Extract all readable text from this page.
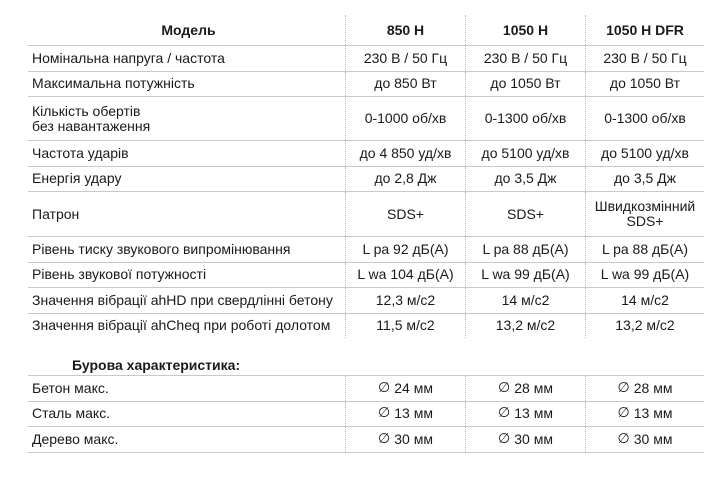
Модель	850 H	1050 H	1050 H DFR
Номінальна напруга / частота	230 В / 50 Гц	230 В / 50 Гц	230 В / 50 Гц
Максимальна потужність	до 850 Вт	до 1050 Вт	до 1050 Вт
Кількість обертів
без навантаження	0-1000 об/хв	0-1300 об/хв	0-1300 об/хв
Частота ударів	до 4 850 уд/хв	до 5100 уд/хв	до 5100 уд/хв
Енергія удару	до 2,8 Дж	до 3,5 Дж	до 3,5 Дж
Патрон	SDS+	SDS+	Швидкозмінний
SDS+
Рівень тиску звукового випромінювання	L pa 92 дБ(А)	L pa 88 дБ(А)	L pa 88 дБ(А)
Рівень звукової потужності	L wa 104 дБ(А)	L wa 99 дБ(А)	L wa 99 дБ(А)
Значення вібрації ahHD при свердлінні бетону	12,3 м/с2	14 м/с2	14 м/с2
Значення вібрації ahCheq при роботі долотом	11,5 м/с2	13,2 м/с2	13,2 м/с2
Бурова характеристика:
Бетон макс.	∅ 24 мм	∅ 28 мм	∅ 28 мм
Сталь макс.	∅ 13 мм	∅ 13 мм	∅ 13 мм
Дерево макс.	∅ 30 мм	∅ 30 мм	∅ 30 мм
